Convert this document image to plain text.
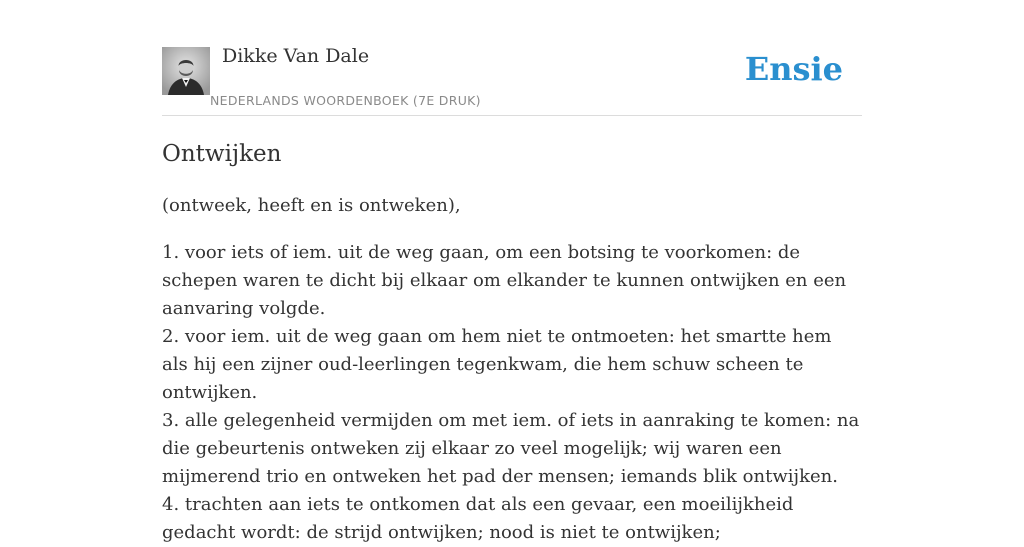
Dikke Van Dale
NEDERLANDS WOORDENBOEK (7E DRUK)
Ensie
Ontwijken

(ontweek, heeft en is ontweken),

1. voor iets of iem. uit de weg gaan, om een botsing te voorkomen: de schepen waren te dicht bij elkaar om elkander te kunnen ontwijken en een aanvaring volgde.
2. voor iem. uit de weg gaan om hem niet te ontmoeten: het smartte hem als hij een zijner oud-leerlingen tegenkwam, die hem schuw scheen te ontwijken.
3. alle gelegenheid vermijden om met iem. of iets in aanraking te komen: na die gebeurtenis ontweken zij elkaar zo veel mogelijk; wij waren een mijmerend trio en ontweken het pad der mensen; iemands blik ontwijken.
4. trachten aan iets te ontkomen dat als een gevaar, een moeilijkheid gedacht wordt: de strijd ontwijken; nood is niet te ontwijken;
